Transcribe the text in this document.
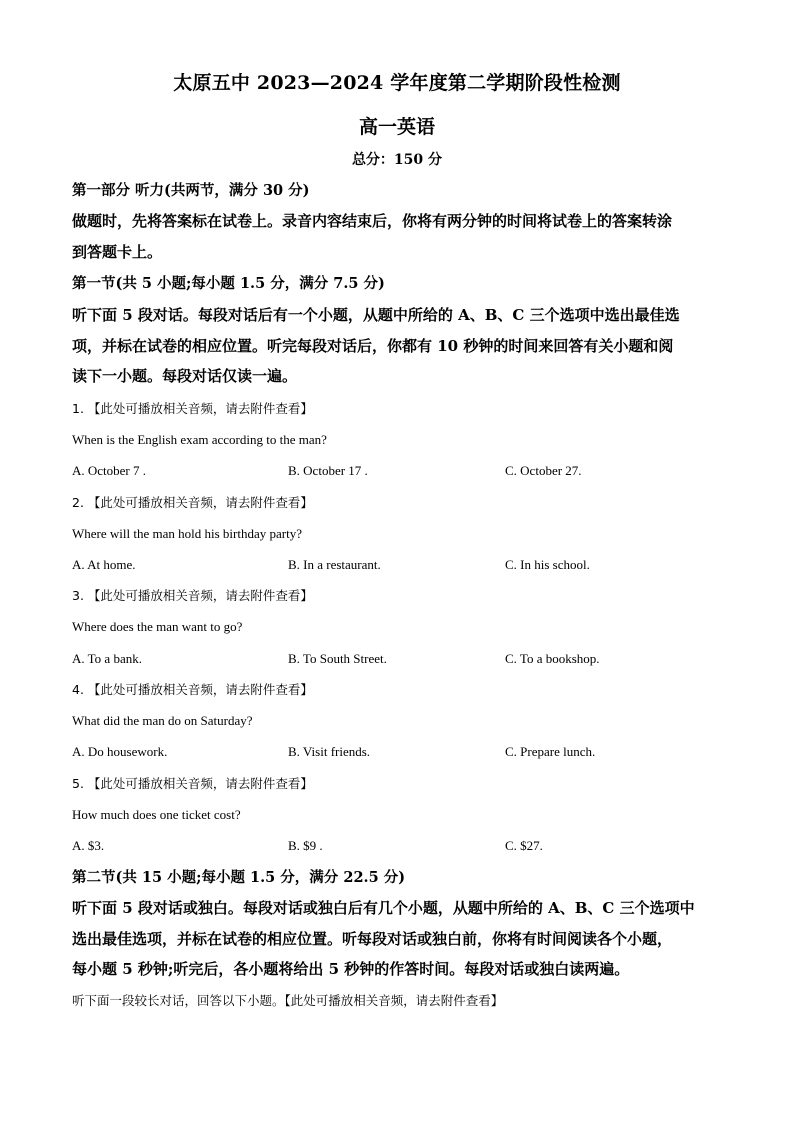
太原五中 2023—2024 学年度第二学期阶段性检测
高一英语
总分：150 分
第一部分 听力(共两节，满分 30 分)
做题时，先将答案标在试卷上。录音内容结束后，你将有两分钟的时间将试卷上的答案转涂
到答题卡上。
第一节(共 5 小题;每小题 1.5 分，满分 7.5 分)
听下面 5 段对话。每段对话后有一个小题，从题中所给的 A、B、C 三个选项中选出最佳选
项，并标在试卷的相应位置。听完每段对话后，你都有 10 秒钟的时间来回答有关小题和阅
读下一小题。每段对话仅读一遍。
1. 【此处可播放相关音频，请去附件查看】
When is the English exam according to the man?
A. October 7 .	B. October 17 .	C. October 27.
2. 【此处可播放相关音频，请去附件查看】
Where will the man hold his birthday party?
A. At home.	B. In a restaurant.	C. In his school.
3. 【此处可播放相关音频，请去附件查看】
Where does the man want to go?
A. To a bank.	B. To South Street.	C. To a bookshop.
4. 【此处可播放相关音频，请去附件查看】
What did the man do on Saturday?
A. Do housework.	B. Visit friends.	C. Prepare lunch.
5. 【此处可播放相关音频，请去附件查看】
How much does one ticket cost?
A. $3.	B. $9 .	C. $27.
第二节(共 15 小题;每小题 1.5 分，满分 22.5 分)
听下面 5 段对话或独白。每段对话或独白后有几个小题，从题中所给的 A、B、C 三个选项中
选出最佳选项，并标在试卷的相应位置。听每段对话或独白前，你将有时间阅读各个小题，
每小题 5 秒钟;听完后，各小题将给出 5 秒钟的作答时间。每段对话或独白读两遍。
听下面一段较长对话，回答以下小题。【此处可播放相关音频，请去附件查看】
